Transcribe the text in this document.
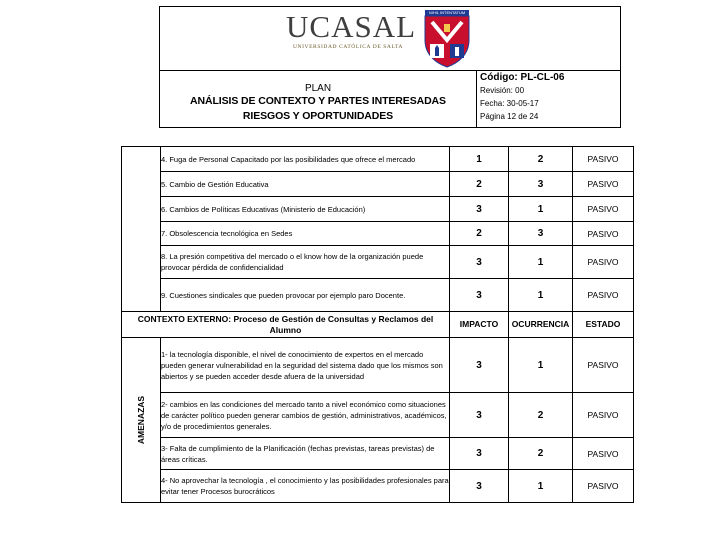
UCASAL
UNIVERSIDAD CATÓLICA DE SALTA
NIHIL INTENTATUM
PLAN
ANÁLISIS DE CONTEXTO Y PARTES INTERESADAS
RIESGOS Y OPORTUNIDADES
Código: PL-CL-06
Revisión: 00
Fecha: 30-05-17
Página 12 de 24
	4. Fuga de Personal Capacitado por las posibilidades que ofrece el mercado	1	2	PASIVO
	5. Cambio de Gestión Educativa	2	3	PASIVO
	6. Cambios de Políticas Educativas (Ministerio de Educación)	3	1	PASIVO
	7. Obsolescencia tecnológica en Sedes	2	3	PASIVO
	8. La presión competitiva del mercado o el know how de la organización puede provocar pérdida de confidencialidad	3	1	PASIVO
	9. Cuestiones sindicales que pueden provocar por ejemplo paro Docente.	3	1	PASIVO
CONTEXTO EXTERNO: Proceso de Gestión de Consultas y Reclamos del Alumno		IMPACTO	OCURRENCIA	ESTADO

AMENAZAS	1- la tecnología disponible, el nivel de conocimiento de expertos en el mercado pueden generar vulnerabilidad en la seguridad del sistema dado que los mismos son abiertos y se pueden acceder desde afuera de la universidad	3	1	PASIVO
	2- cambios en las condiciones del mercado tanto a nivel económico como situaciones de carácter político pueden generar cambios de gestión, administrativos, académicos, y/o de procedimientos generales.	3	2	PASIVO
	3- Falta de cumplimiento de la Planificación (fechas previstas, tareas previstas) de áreas críticas.	3	2	PASIVO
	4- No aprovechar la tecnología , el conocimiento y las posibilidades profesionales para evitar tener Procesos burocráticos	3	1	PASIVO
